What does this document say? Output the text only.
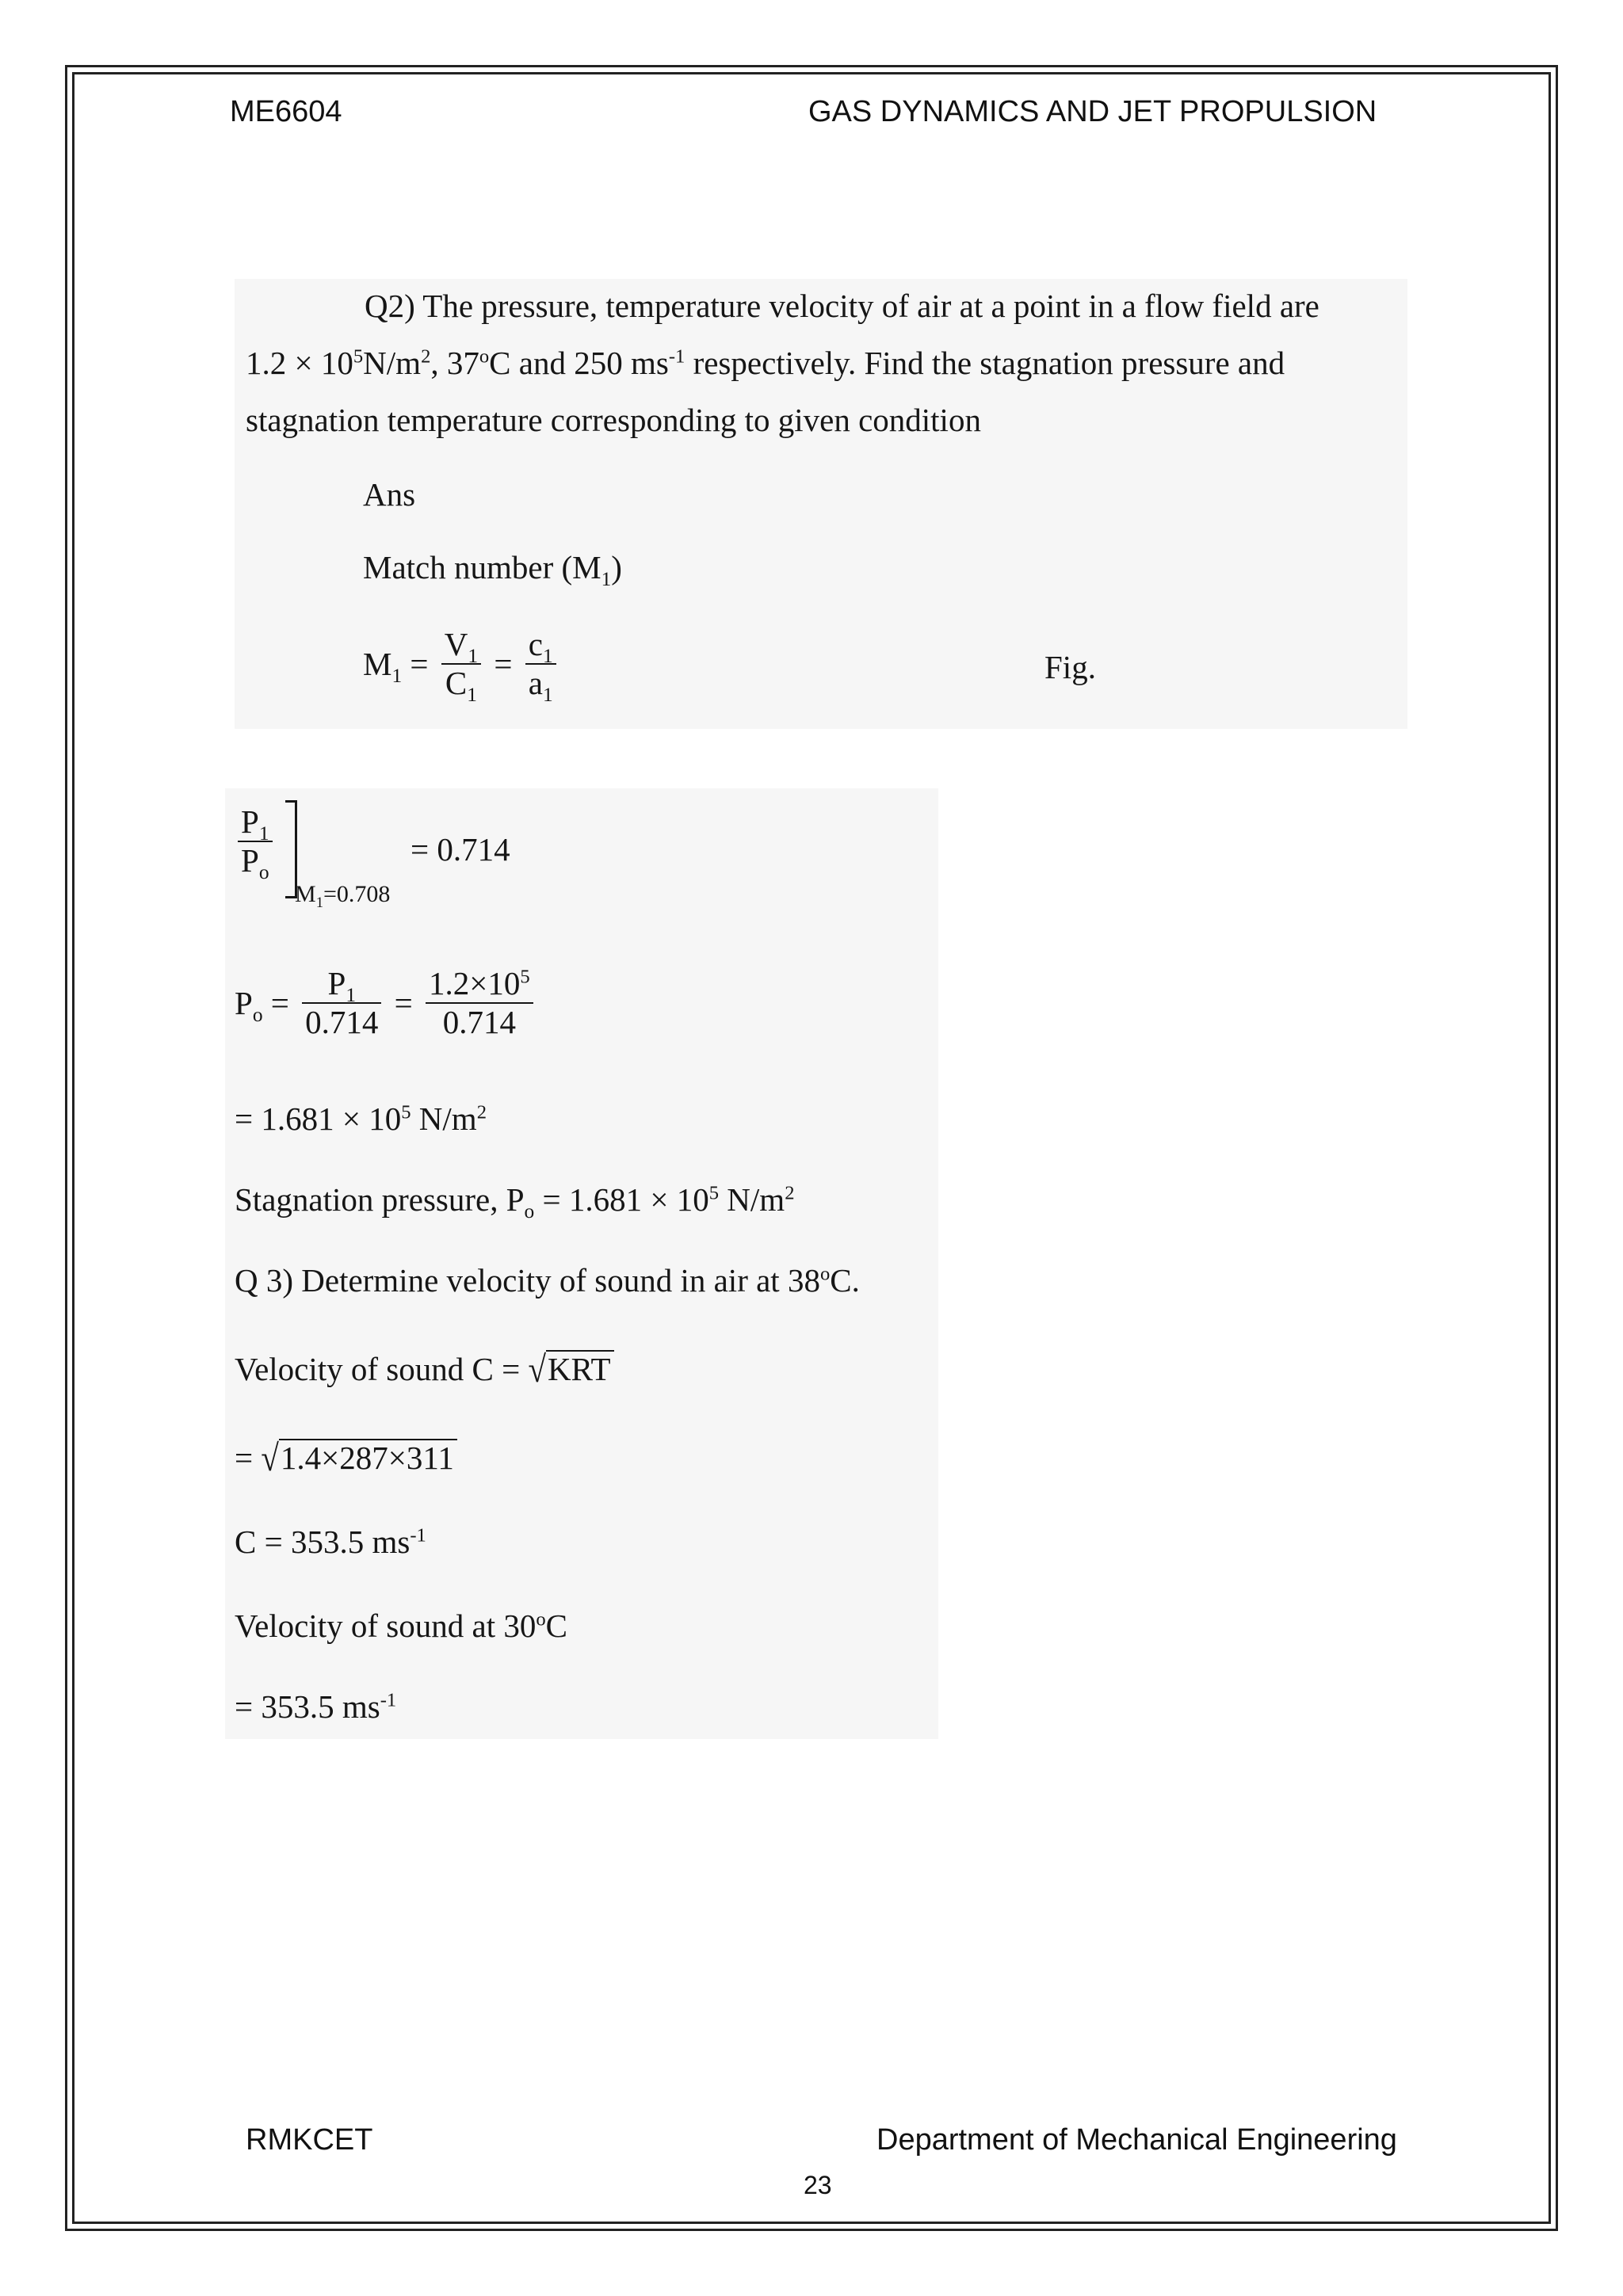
ME6604	GAS DYNAMICS AND JET PROPULSION
Q2) The pressure, temperature velocity of air at a point in a flow field are
$1.2 \times 10^5N/m^2$, 37$^o$C and 250 $ms^{-1}$ respectively. Find the stagnation pressure and
stagnation temperature corresponding to given condition
Ans
Match number $(M_1)$
$M_1 = \frac{V_1}{C_1} = \frac{c_1}{a_1}$	Fig.
$\frac{P_1}{P_o}$
$M_1=0.708$
= 0.714
$P_o = \frac{P_1}{0.714} = \frac{1.2\times 10^5}{0.714}$
= $1.681 \times 10^5$ $N/m^2$
Stagnation pressure, $P_o = 1.681 \times 10^5$ $N/m^2$
Q 3) Determine velocity of sound in air at 38$^o$C.
Velocity of sound C = √KRT
= √1.4×287×311
C = 353.5 $ms^{-1}$
Velocity of sound at $30^oC$
= 353.5 $ms^{-1}$
RMKCET	Department of Mechanical Engineering
23
